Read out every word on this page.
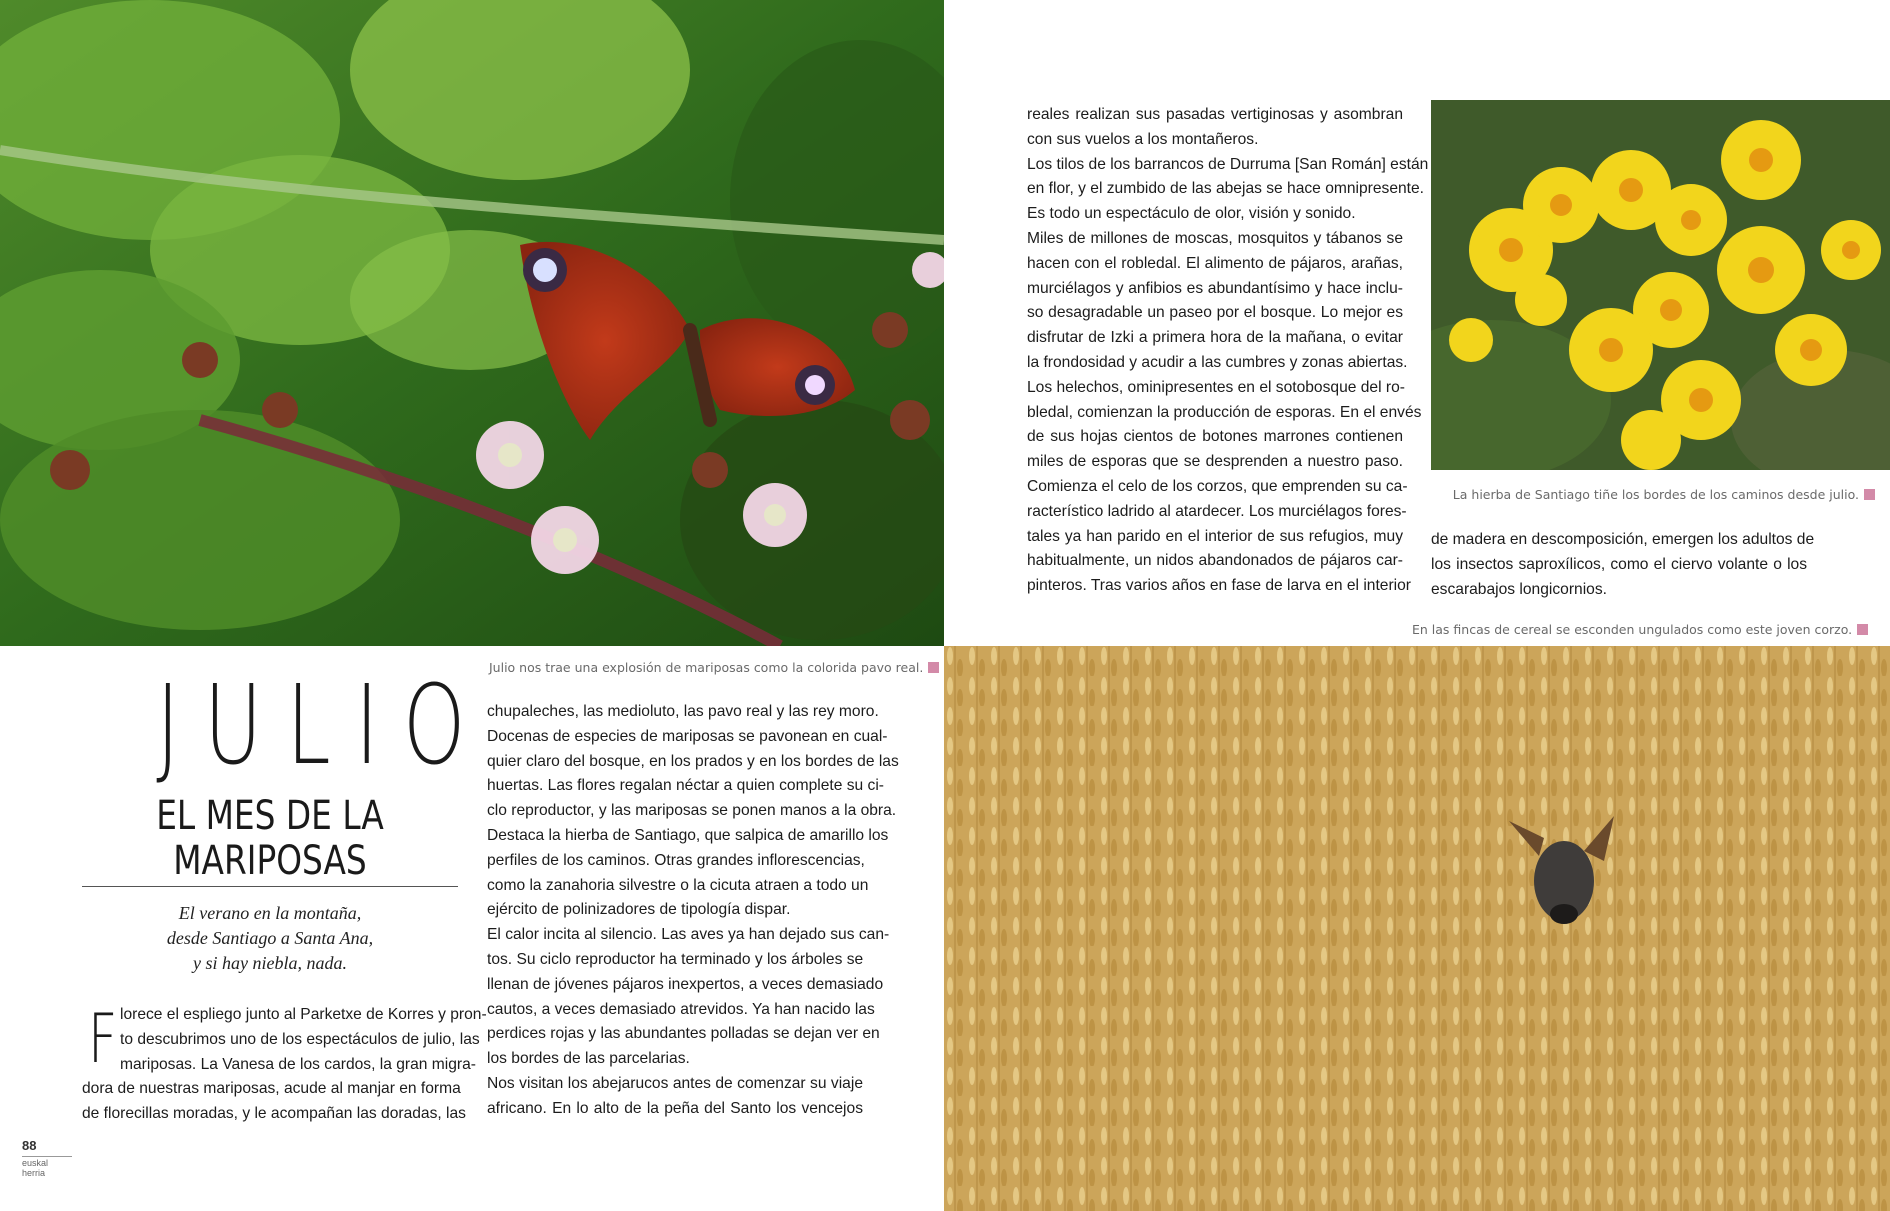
Julio nos trae una explosión de mariposas como la colorida pavo real.
La hierba de Santiago tiñe los bordes de los caminos desde julio.
En las fincas de cereal se esconden ungulados como este joven corzo.
JULIO
EL MES DE LA
MARIPOSAS
El verano en la montaña,
desde Santiago a Santa Ana,
y si hay niebla, nada.
F lorece el espliego junto al Parketxe de Korres y pron-
to descubrimos uno de los espectáculos de julio, las
mariposas. La Vanesa de los cardos, la gran migra-
dora de nuestras mariposas, acude al manjar en forma
de florecillas moradas, y le acompañan las doradas, las
chupaleches, las medioluto, las pavo real y las rey moro.
Docenas de especies de mariposas se pavonean en cual-
quier claro del bosque, en los prados y en los bordes de las
huertas. Las flores regalan néctar a quien complete su ci-
clo reproductor, y las mariposas se ponen manos a la obra.
Destaca la hierba de Santiago, que salpica de amarillo los
perfiles de los caminos. Otras grandes inflorescencias,
como la zanahoria silvestre o la cicuta atraen a todo un
ejército de polinizadores de tipología dispar.
El calor incita al silencio. Las aves ya han dejado sus can-
tos. Su ciclo reproductor ha terminado y los árboles se
llenan de jóvenes pájaros inexpertos, a veces demasiado
cautos, a veces demasiado atrevidos. Ya han nacido las
perdices rojas y las abundantes polladas se dejan ver en
los bordes de las parcelarias.
Nos visitan los abejarucos antes de comenzar su viaje
africano. En lo alto de la peña del Santo los vencejos
reales realizan sus pasadas vertiginosas y asombran
con sus vuelos a los montañeros.
Los tilos de los barrancos de Durruma [San Román] están
en flor, y el zumbido de las abejas se hace omnipresente.
Es todo un espectáculo de olor, visión y sonido.
Miles de millones de moscas, mosquitos y tábanos se
hacen con el robledal. El alimento de pájaros, arañas,
murciélagos y anfibios es abundantísimo y hace inclu-
so desagradable un paseo por el bosque. Lo mejor es
disfrutar de Izki a primera hora de la mañana, o evitar
la frondosidad y acudir a las cumbres y zonas abiertas.
Los helechos, ominipresentes en el sotobosque del ro-
bledal, comienzan la producción de esporas. En el envés
de sus hojas cientos de botones marrones contienen
miles de esporas que se desprenden a nuestro paso.
Comienza el celo de los corzos, que emprenden su ca-
racterístico ladrido al atardecer. Los murciélagos fores-
tales ya han parido en el interior de sus refugios, muy
habitualmente, un nidos abandonados de pájaros car-
pinteros. Tras varios años en fase de larva en el interior
de madera en descomposición, emergen los adultos de
los insectos saproxílicos, como el ciervo volante o los
escarabajos longicornios.
88
euskal herria
